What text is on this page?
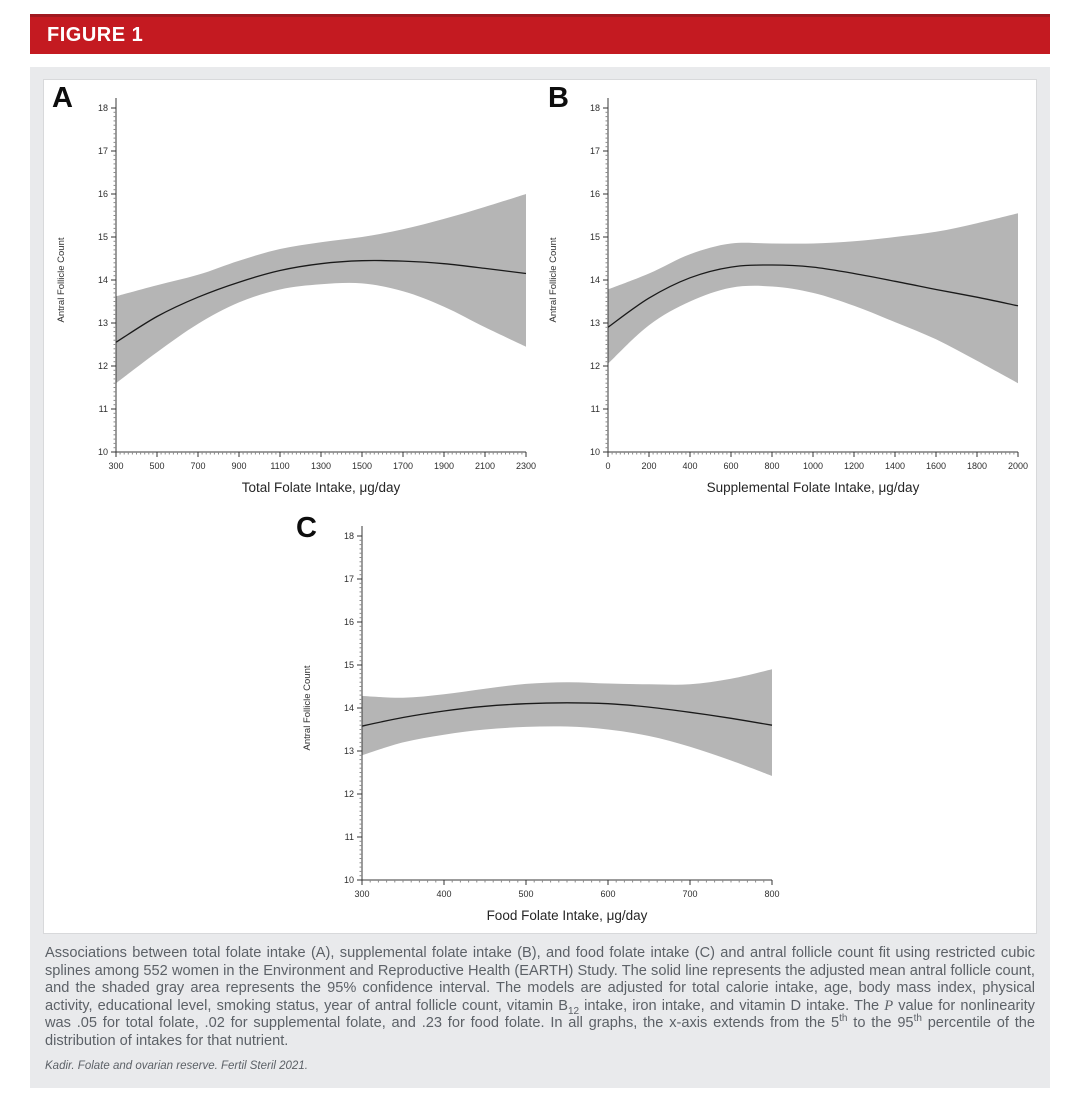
FIGURE 1
A
10
11
12
13
14
15
16
17
18
300	500	700	900	1100 1300 1500 1700 1900 2100 2300
Total Folate Intake, μg/day
Antral Follicle Count
B
10
11
12
13
14
15
16
17
18
0	200	400	600	800	1000 1200 1400 1600 1800 2000
Supplemental Folate Intake, μg/day
Antral Follicle Count
C
10
11
12
13
14
15
16
17
18
300	400	500	600	700	800
Food Folate Intake, μg/day
Antral Follicle Count
Associations between total folate intake (A), supplemental folate intake (B), and food folate intake (C) and antral follicle count fit using restricted cubic splines among 552 women in the Environment and Reproductive Health (EARTH) Study. The solid line represents the adjusted mean antral follicle count, and the shaded gray area represents the 95% confidence interval. The models are adjusted for total calorie intake, age, body mass index, physical activity, educational level, smoking status, year of antral follicle count, vitamin $B_{12}$ intake, iron intake, and vitamin D intake. The P value for nonlinearity was .05 for total folate, .02 for supplemental folate, and .23 for food folate. In all graphs, the x-axis extends from the 5th to the 95th percentile of the distribution of intakes for that nutrient.
Kadir. Folate and ovarian reserve. Fertil Steril 2021.
